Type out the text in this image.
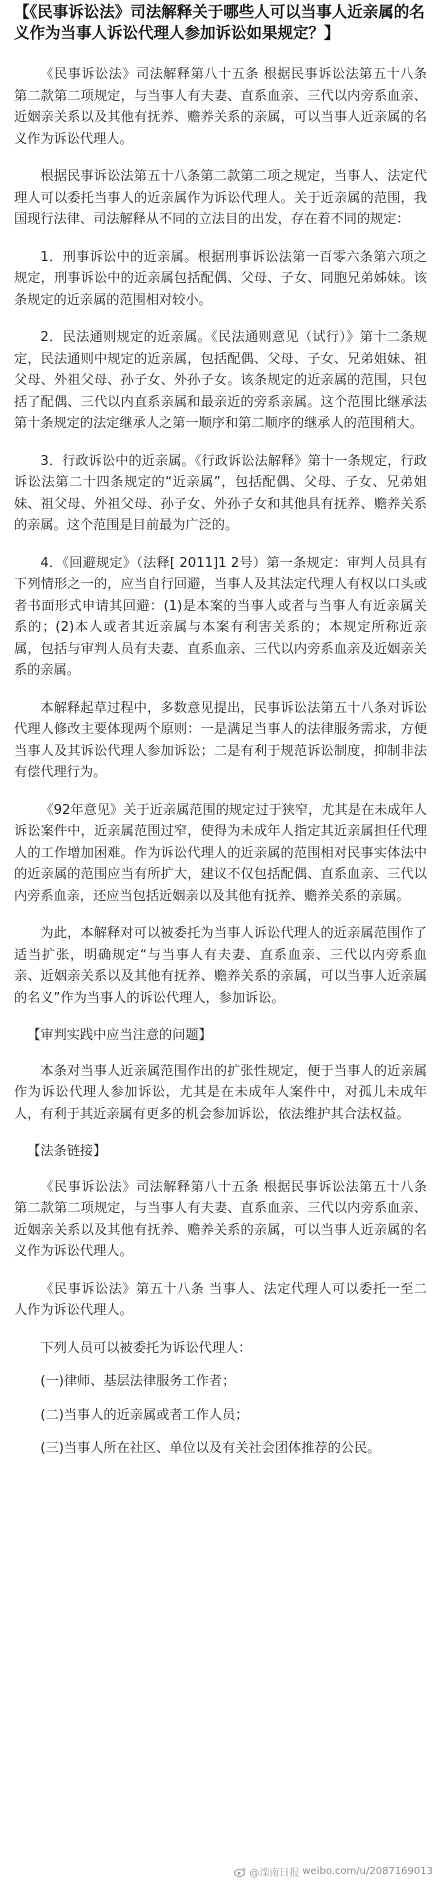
【《民事诉讼法》司法解释关于哪些人可以当事人近亲属的名义作为当事人诉讼代理人参加诉讼如果规定？】
《民事诉讼法》司法解释第八十五条 根据民事诉讼法第五十八条第二款第二项规定，与当事人有夫妻、直系血亲、三代以内旁系血亲、近姻亲关系以及其他有抚养、赡养关系的亲属，可以当事人近亲属的名义作为诉讼代理人。
根据民事诉讼法第五十八条第二款第二项之规定，当事人、法定代理人可以委托当事人的近亲属作为诉讼代理人。关于近亲属的范围，我国现行法律、司法解释从不同的立法目的出发，存在着不同的规定：
1．刑事诉讼中的近亲属。根据刑事诉讼法第一百零六条第六项之规定，刑事诉讼中的近亲属包括配偶、父母、子女、同胞兄弟姊妹。该条规定的近亲属的范围相对较小。
2．民法通则规定的近亲属。《民法通则意见（试行）》第十二条规定，民法通则中规定的近亲属，包括配偶、父母、子女、兄弟姐妹、祖父母、外祖父母、孙子女、外孙子女。该条规定的近亲属的范围，只包括了配偶、三代以内直系亲属和最亲近的旁系亲属。这个范围比继承法第十条规定的法定继承人之第一顺序和第二顺序的继承人的范围稍大。
3．行政诉讼中的近亲属。《行政诉讼法解释》第十一条规定，行政诉讼法第二十四条规定的“近亲属”，包括配偶、父母、子女、兄弟姐妹、祖父母、外祖父母、孙子女、外孙子女和其他具有抚养、赡养关系的亲属。这个范围是目前最为广泛的。
4．《回避规定》（法释[ 2011]1 2号）第一条规定：审判人员具有下列情形之一的，应当自行回避，当事人及其法定代理人有权以口头或者书面形式申请其回避：(1)是本案的当事人或者与当事人有近亲属关系的；(2)本人或者其近亲属与本案有利害关系的；本规定所称近亲属，包括与审判人员有夫妻、直系血亲、三代以内旁系血亲及近姻亲关系的亲属。
本解释起草过程中，多数意见提出，民事诉讼法第五十八条对诉讼代理人修改主要体现两个原则：一是满足当事人的法律服务需求，方便当事人及其诉讼代理人参加诉讼；二是有利于规范诉讼制度，抑制非法有偿代理行为。
《92年意见》关于近亲属范围的规定过于狭窄，尤其是在未成年人诉讼案件中，近亲属范围过窄，使得为未成年人指定其近亲属担任代理人的工作增加困难。作为诉讼代理人的近亲属的范围相对民事实体法中的近亲属的范围应当有所扩大，建议不仅包括配偶、直系血亲、三代以内旁系血亲，还应当包括近姻亲以及其他有抚养、赡养关系的亲属。
为此，本解释对可以被委托为当事人诉讼代理人的近亲属范围作了适当扩张，明确规定“与当事人有夫妻、直系血亲、三代以内旁系血亲、近姻亲关系以及其他有抚养、赡养关系的亲属，可以当事人近亲属的名义”作为当事人的诉讼代理人，参加诉讼。
【审判实践中应当注意的问题】
本条对当事人近亲属范围作出的扩张性规定，便于当事人的近亲属作为诉讼代理人参加诉讼，尤其是在未成年人案件中，对孤儿未成年人，有利于其近亲属有更多的机会参加诉讼，依法维护其合法权益。
【法条链接】
《民事诉讼法》司法解释第八十五条 根据民事诉讼法第五十八条第二款第二项规定，与当事人有夫妻、直系血亲、三代以内旁系血亲、近姻亲关系以及其他有抚养、赡养关系的亲属，可以当事人近亲属的名义作为诉讼代理人。
《民事诉讼法》第五十八条 当事人、法定代理人可以委托一至二人作为诉讼代理人。
下列人员可以被委托为诉讼代理人：
(一)律师、基层法律服务工作者；
(二)当事人的近亲属或者工作人员；
(三)当事人所在社区、单位以及有关社会团体推荐的公民。
@滦南日报 weibo.com/u/2087169013
